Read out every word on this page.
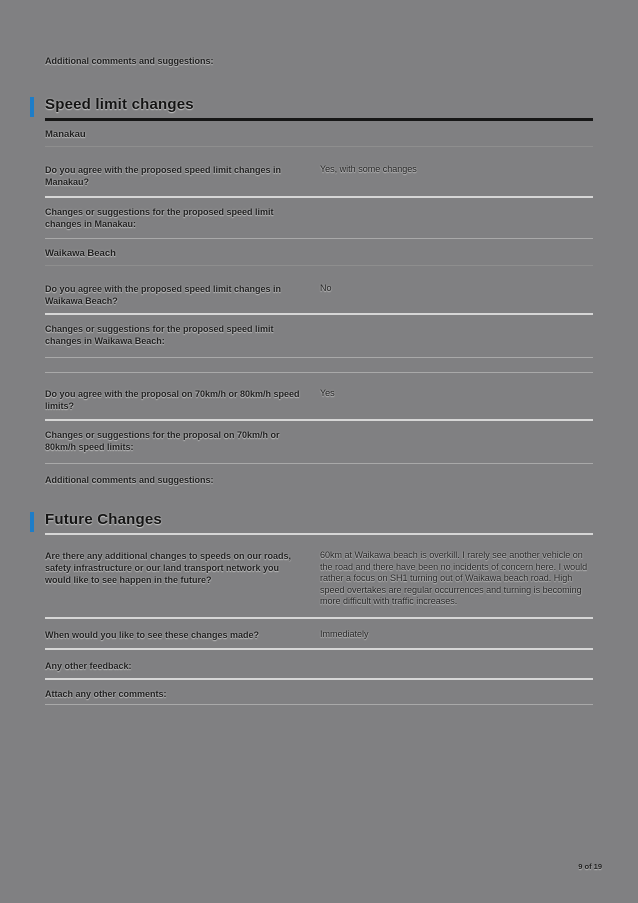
Additional comments and suggestions:
Speed limit changes
Manakau
Do you agree with the proposed speed limit changes in Manakau?
Yes, with some changes
Changes or suggestions for the proposed speed limit changes in Manakau:
Waikawa Beach
Do you agree with the proposed speed limit changes in Waikawa Beach?
No
Changes or suggestions for the proposed speed limit changes in Waikawa Beach:
Do you agree with the proposal on 70km/h or 80km/h speed limits?
Yes
Changes or suggestions for the proposal on 70km/h or 80km/h speed limits:
Additional comments and suggestions:
Future Changes
Are there any additional changes to speeds on our roads, safety infrastructure or our land transport network you would like to see happen in the future?
60km at Waikawa beach is overkill. I rarely see another vehicle on the road and there have been no incidents of concern here. I would rather a focus on SH1 turning out of Waikawa beach road. High speed overtakes are regular occurrences and turning is becoming more difficult with traffic increases.
When would you like to see these changes made?	Immediately
Any other feedback:
Attach any other comments:
9 of 19
